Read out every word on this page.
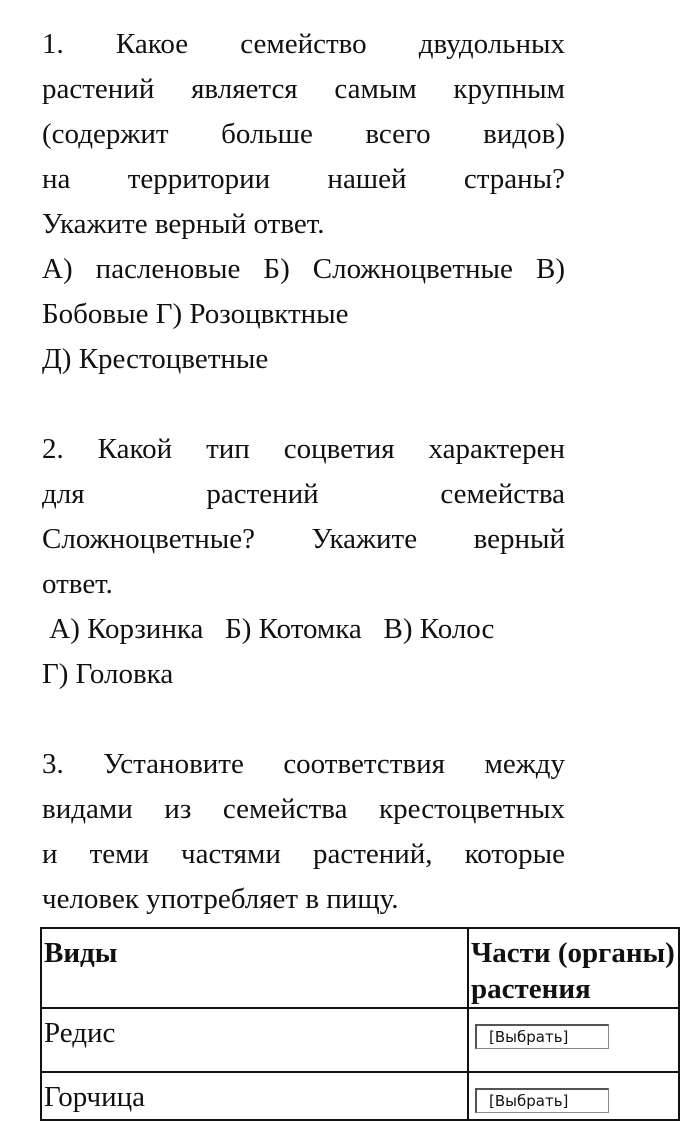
1. Какое семейство двудольных

растений является самым крупным

(содержит больше всего видов)

на территории нашей страны?

Укажите верный ответ.

А) пасленовые Б) Сложноцветные В)

Бобовые Г) Розоцвктные

Д) Крестоцветные

2. Какой тип соцветия характерен

для растений семейства

Сложноцветные? Укажите верный

ответ.

А) Корзинка   Б) Котомка   В) Колос

Г) Головка

3. Установите соответствия между

видами из семейства крестоцветных

и теми частями растений, которые

человек употребляет в пищу.

Виды	Части (органы) растения
Редис	[Выбрать]
Горчица	[Выбрать]
